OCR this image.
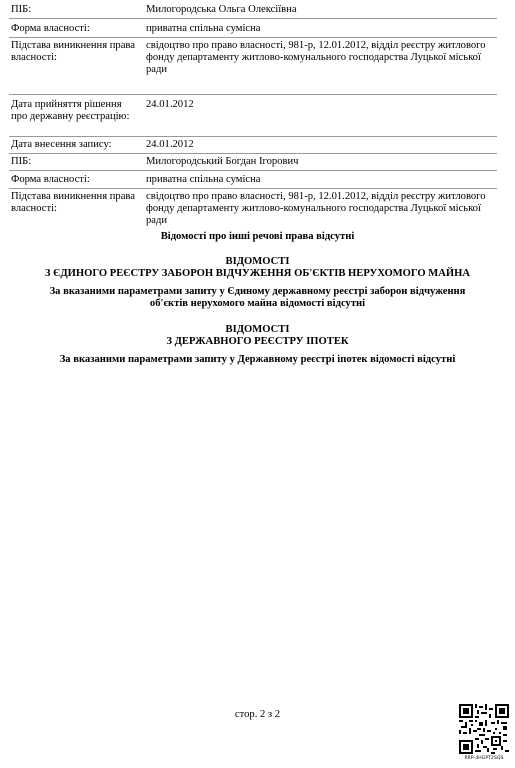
ПІБ:	Милогородська Ольга Олексіївна
Форма власності:	приватна спільна сумісна
Підстава виникнення права власності:
свідоцтво про право власності, 981-р, 12.01.2012, відділ реєстру житлового фонду департаменту житлово-комунального господарства Луцької міської ради
Дата прийняття рішення про державну реєстрацію:
24.01.2012
Дата внесення запису:	24.01.2012
ПІБ:	Милогородський Богдан Ігорович
Форма власності:	приватна спільна сумісна
Підстава виникнення права власності:
свідоцтво про право власності, 981-р, 12.01.2012, відділ реєстру житлового фонду департаменту житлово-комунального господарства Луцької міської ради
Відомості про інші речові права відсутні
ВІДОМОСТІ
З ЄДИНОГО РЕЄСТРУ ЗАБОРОН ВІДЧУЖЕННЯ ОБ'ЄКТІВ НЕРУХОМОГО МАЙНА
За вказаними параметрами запиту у Єдиному державному реєстрі заборон відчуження
об'єктів нерухомого майна відомості відсутні
ВІДОМОСТІ
З ДЕРЖАВНОГО РЕЄСТРУ ІПОТЕК
За вказаними параметрами запиту у Державному реєстрі іпотек відомості відсутні
стор. 2 з 2
RRP-4HGPT2SQS
